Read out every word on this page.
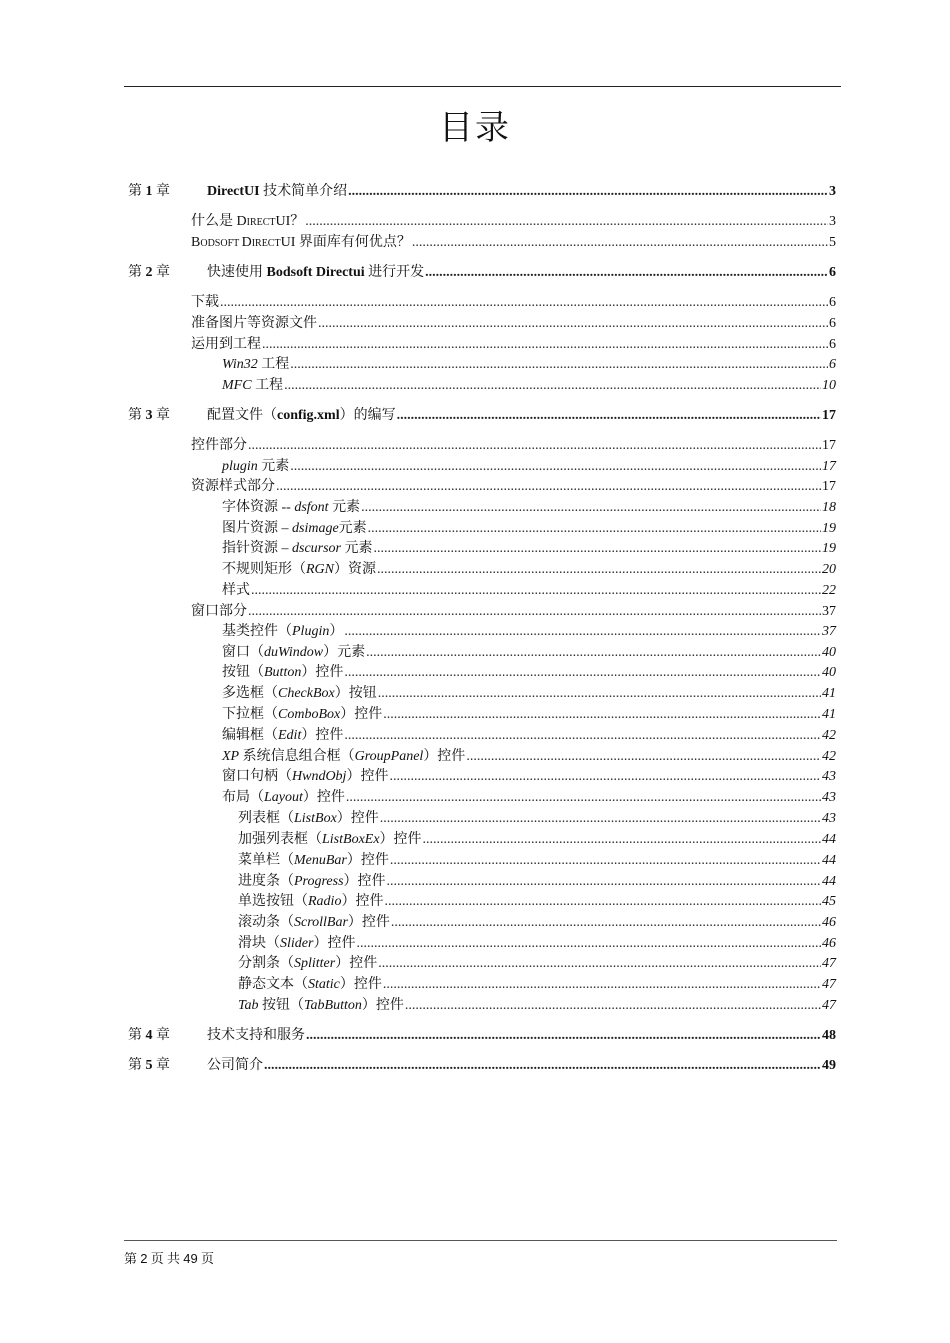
目录
第 1 章	DirectUI 技术简单介绍 .....	3
什么是 DIRECTUI？ .....	3
BODSOFT DIRECTUI 界面库有何优点？ .....	5
第 2 章	快速使用 Bodsoft Directui 进行开发 .....	6
下载 .....	6
准备图片等资源文件 .....	6
运用到工程 .....	6
Win32 工程 .....	6
MFC 工程 .....	10
第 3 章	配置文件（config.xml）的编写 .....	17
控件部分 .....	17
plugin 元素 .....	17
资源样式部分 .....	17
字体资源 -- dsfont 元素 .....	18
图片资源 – dsimage元素 .....	19
指针资源 – dscursor 元素 .....	19
不规则矩形（RGN）资源 .....	20
样式 .....	22
窗口部分 .....	37
基类控件（Plugin） .....	37
窗口（duWindow）元素 .....	40
按钮（Button）控件 .....	40
多选框（CheckBox）按钮 .....	41
下拉框（ComboBox）控件 .....	41
编辑框（Edit）控件 .....	42
XP 系统信息组合框（GroupPanel）控件 .....	42
窗口句柄（HwndObj）控件 .....	43
布局（Layout）控件 .....	43
列表框（ListBox）控件 .....	43
加强列表框（ListBoxEx）控件 .....	44
菜单栏（MenuBar）控件 .....	44
进度条（Progress）控件 .....	44
单选按钮（Radio）控件 .....	45
滚动条（ScrollBar）控件 .....	46
滑块（Slider）控件 .....	46
分割条（Splitter）控件 .....	47
静态文本（Static）控件 .....	47
Tab 按钮（TabButton）控件 .....	47
第 4 章	技术支持和服务 .....	48
第 5 章	公司简介 .....	49
第 2 页 共 49 页
